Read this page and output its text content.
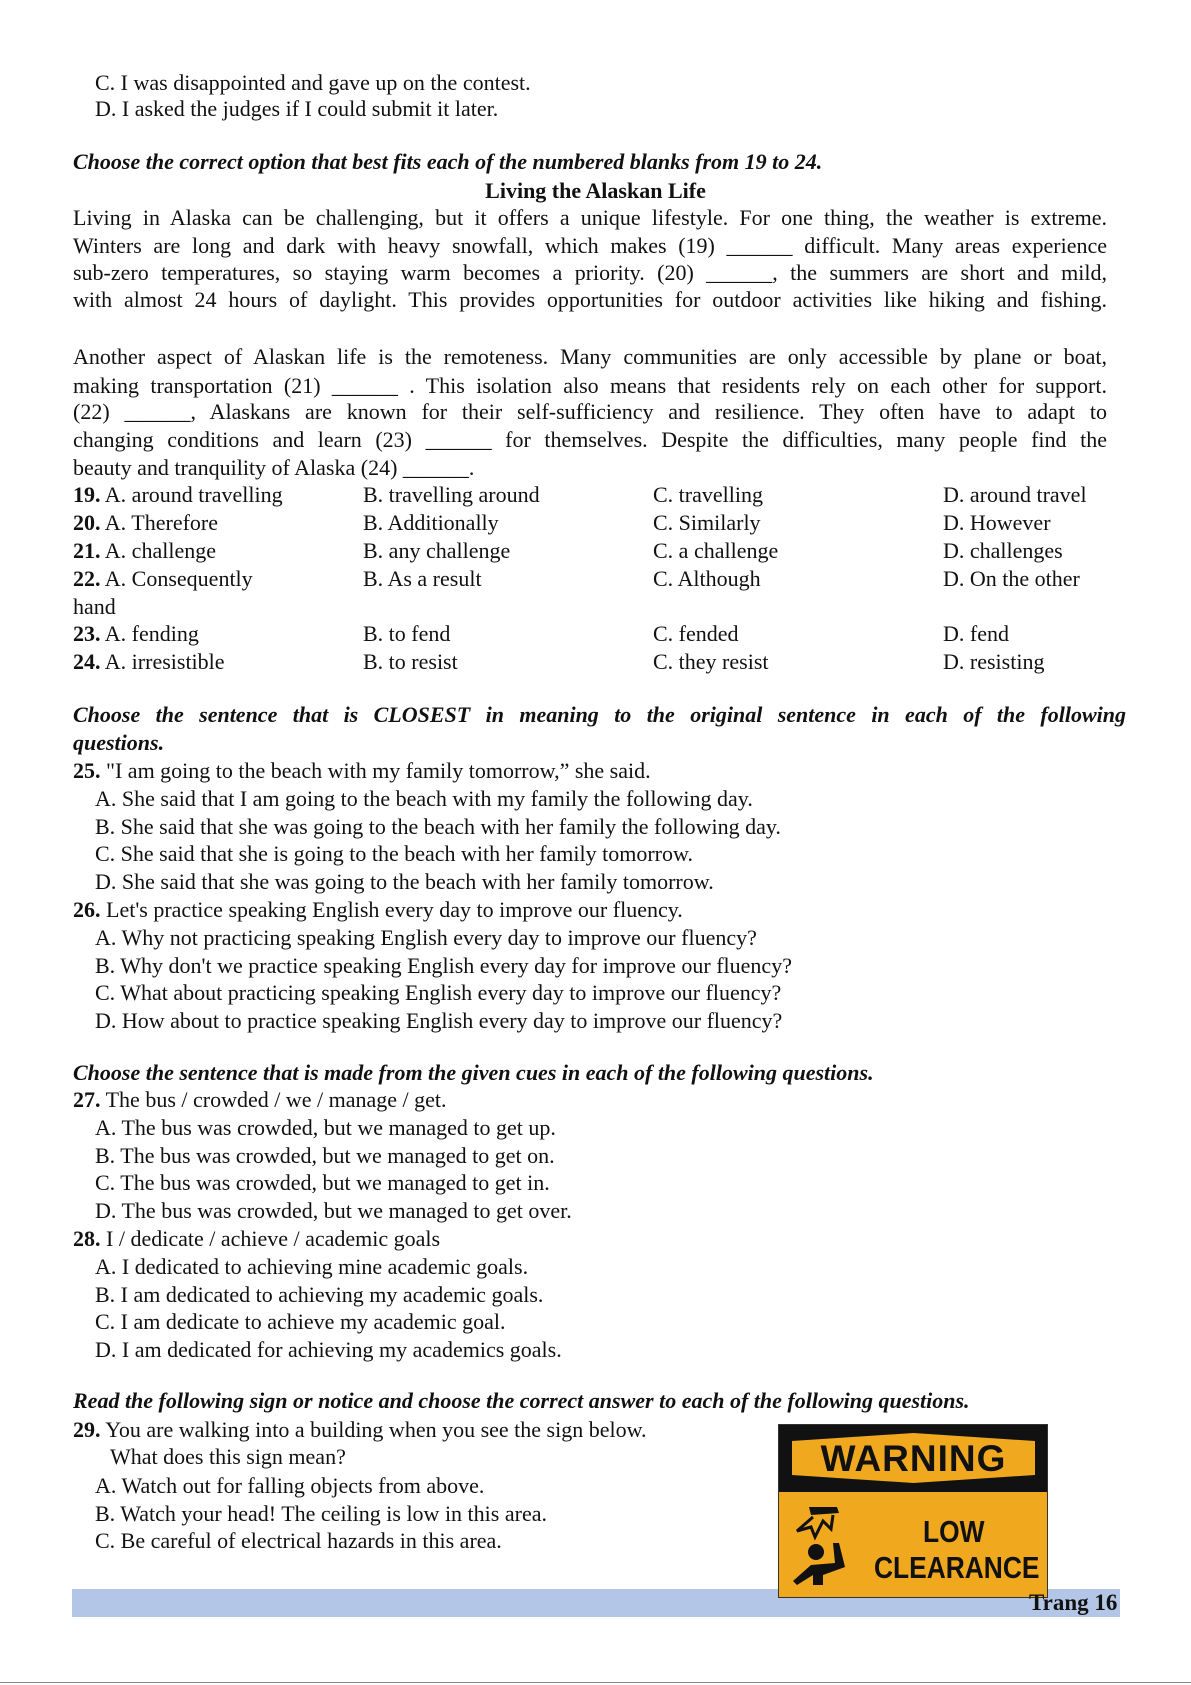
C. I was disappointed and gave up on the contest.
D. I asked the judges if I could submit it later.
Choose the correct option that best fits each of the numbered blanks from 19 to 24.
Living the Alaskan Life
Living in Alaska can be challenging, but it offers a unique lifestyle. For one thing, the weather is extreme.
Winters are long and dark with heavy snowfall, which makes (19) ______ difficult. Many areas experience
sub-zero temperatures, so staying warm becomes a priority. (20) ______, the summers are short and mild,
with almost 24 hours of daylight. This provides opportunities for outdoor activities like hiking and fishing.
Another aspect of Alaskan life is the remoteness. Many communities are only accessible by plane or boat,
making transportation (21) ______ . This isolation also means that residents rely on each other for support.
(22) ______, Alaskans are known for their self-sufficiency and resilience. They often have to adapt to
changing conditions and learn (23) ______ for themselves. Despite the difficulties, many people find the
beauty and tranquility of Alaska (24) ______.
19. A. around travelling	B. travelling around	C. travelling	D. around travel
20. A. Therefore	B. Additionally	C. Similarly	D. However
21. A. challenge	B. any challenge	C. a challenge	D. challenges
22. A. Consequently	B. As a result	C. Although	D. On the other
hand
23. A. fending	B. to fend	C. fended	D. fend
24. A. irresistible	B. to resist	C. they resist	D. resisting
Choose the sentence that is CLOSEST in meaning to the original sentence in each of the following
questions.
25. "I am going to the beach with my family tomorrow,” she said.
A. She said that I am going to the beach with my family the following day.
B. She said that she was going to the beach with her family the following day.
C. She said that she is going to the beach with her family tomorrow.
D. She said that she was going to the beach with her family tomorrow.
26. Let's practice speaking English every day to improve our fluency.
A. Why not practicing speaking English every day to improve our fluency?
B. Why don't we practice speaking English every day for improve our fluency?
C. What about practicing speaking English every day to improve our fluency?
D. How about to practice speaking English every day to improve our fluency?
Choose the sentence that is made from the given cues in each of the following questions.
27. The bus / crowded / we / manage / get.
A. The bus was crowded, but we managed to get up.
B. The bus was crowded, but we managed to get on.
C. The bus was crowded, but we managed to get in.
D. The bus was crowded, but we managed to get over.
28. I / dedicate / achieve / academic goals
A. I dedicated to achieving mine academic goals.
B. I am dedicated to achieving my academic goals.
C. I am dedicate to achieve my academic goal.
D. I am dedicated for achieving my academics goals.
Read the following sign or notice and choose the correct answer to each of the following questions.
29. You are walking into a building when you see the sign below.
What does this sign mean?
A. Watch out for falling objects from above.
B. Watch your head! The ceiling is low in this area.
C. Be careful of electrical hazards in this area.
WARNING
LOW
CLEARANCE
Trang 16
